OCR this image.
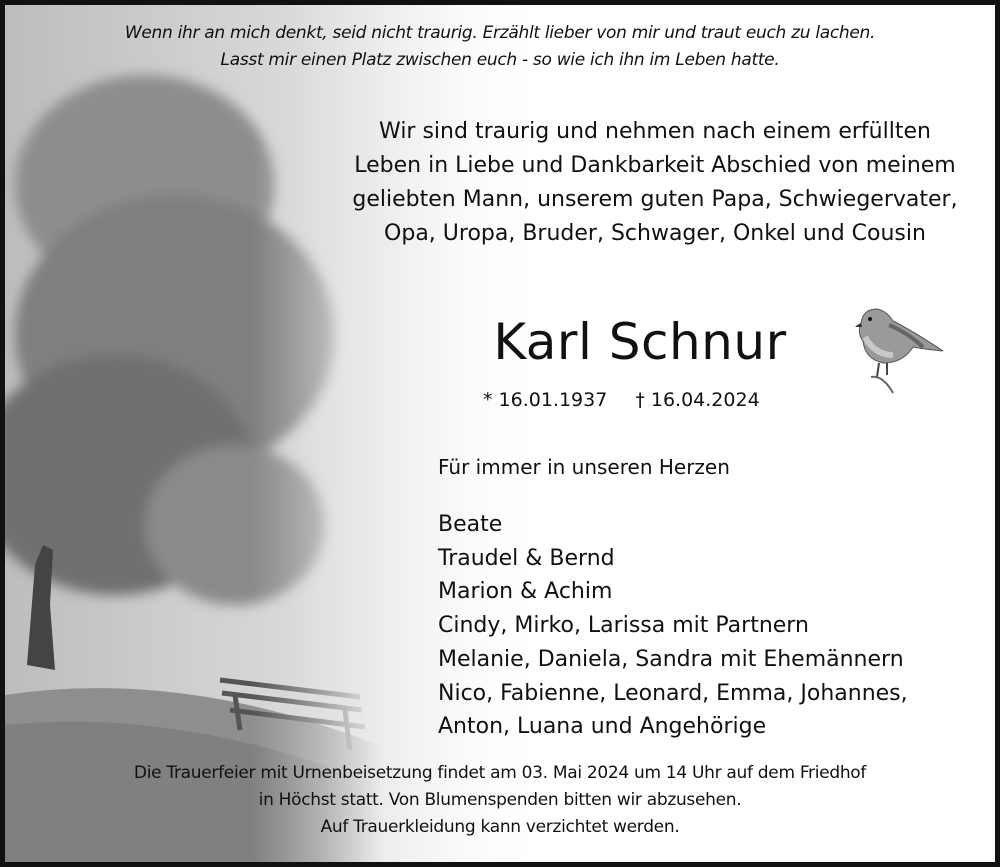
Wenn ihr an mich denkt, seid nicht traurig. Erzählt lieber von mir und traut euch zu lachen.
Lasst mir einen Platz zwischen euch - so wie ich ihn im Leben hatte.
Wir sind traurig und nehmen nach einem erfüllten
Leben in Liebe und Dankbarkeit Abschied von meinem
geliebten Mann, unserem guten Papa, Schwiegervater,
Opa, Uropa, Bruder, Schwager, Onkel und Cousin
Karl Schnur
* 16.01.1937 † 16.04.2024
Für immer in unseren Herzen
Beate
Traudel & Bernd
Marion & Achim
Cindy, Mirko, Larissa mit Partnern
Melanie, Daniela, Sandra mit Ehemännern
Nico, Fabienne, Leonard, Emma, Johannes,
Anton, Luana und Angehörige
Die Trauerfeier mit Urnenbeisetzung findet am 03. Mai 2024 um 14 Uhr auf dem Friedhof
in Höchst statt. Von Blumenspenden bitten wir abzusehen.
Auf Trauerkleidung kann verzichtet werden.
